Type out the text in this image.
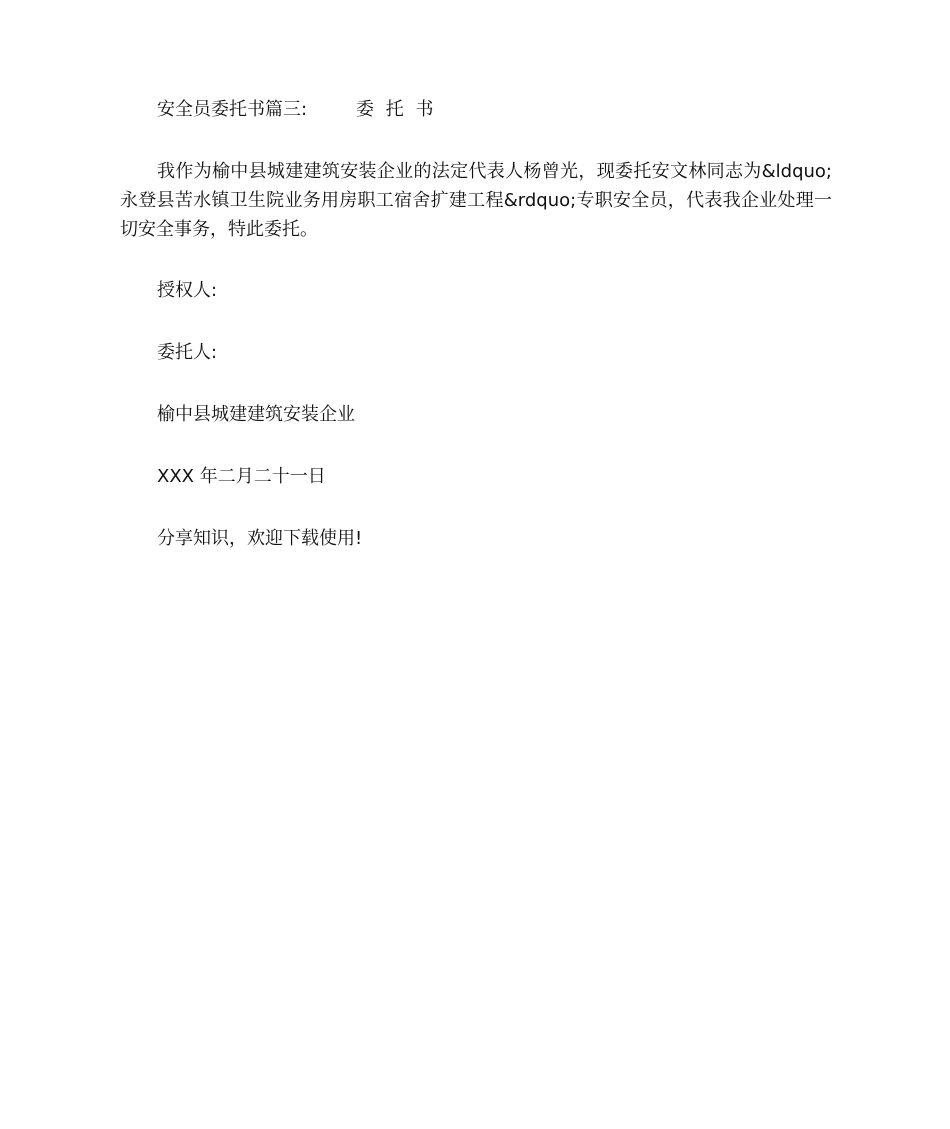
安全员委托书篇三:	委 托 书
我作为榆中县城建建筑安装企业的法定代表人杨曾光，现委托安文林同志为&ldquo;永登县苦水镇卫生院业务用房职工宿舍扩建工程&rdquo;专职安全员，代表我企业处理一切安全事务，特此委托。
授权人:
委托人:
榆中县城建建筑安装企业
XXX 年二月二十一日
分享知识，欢迎下载使用!
